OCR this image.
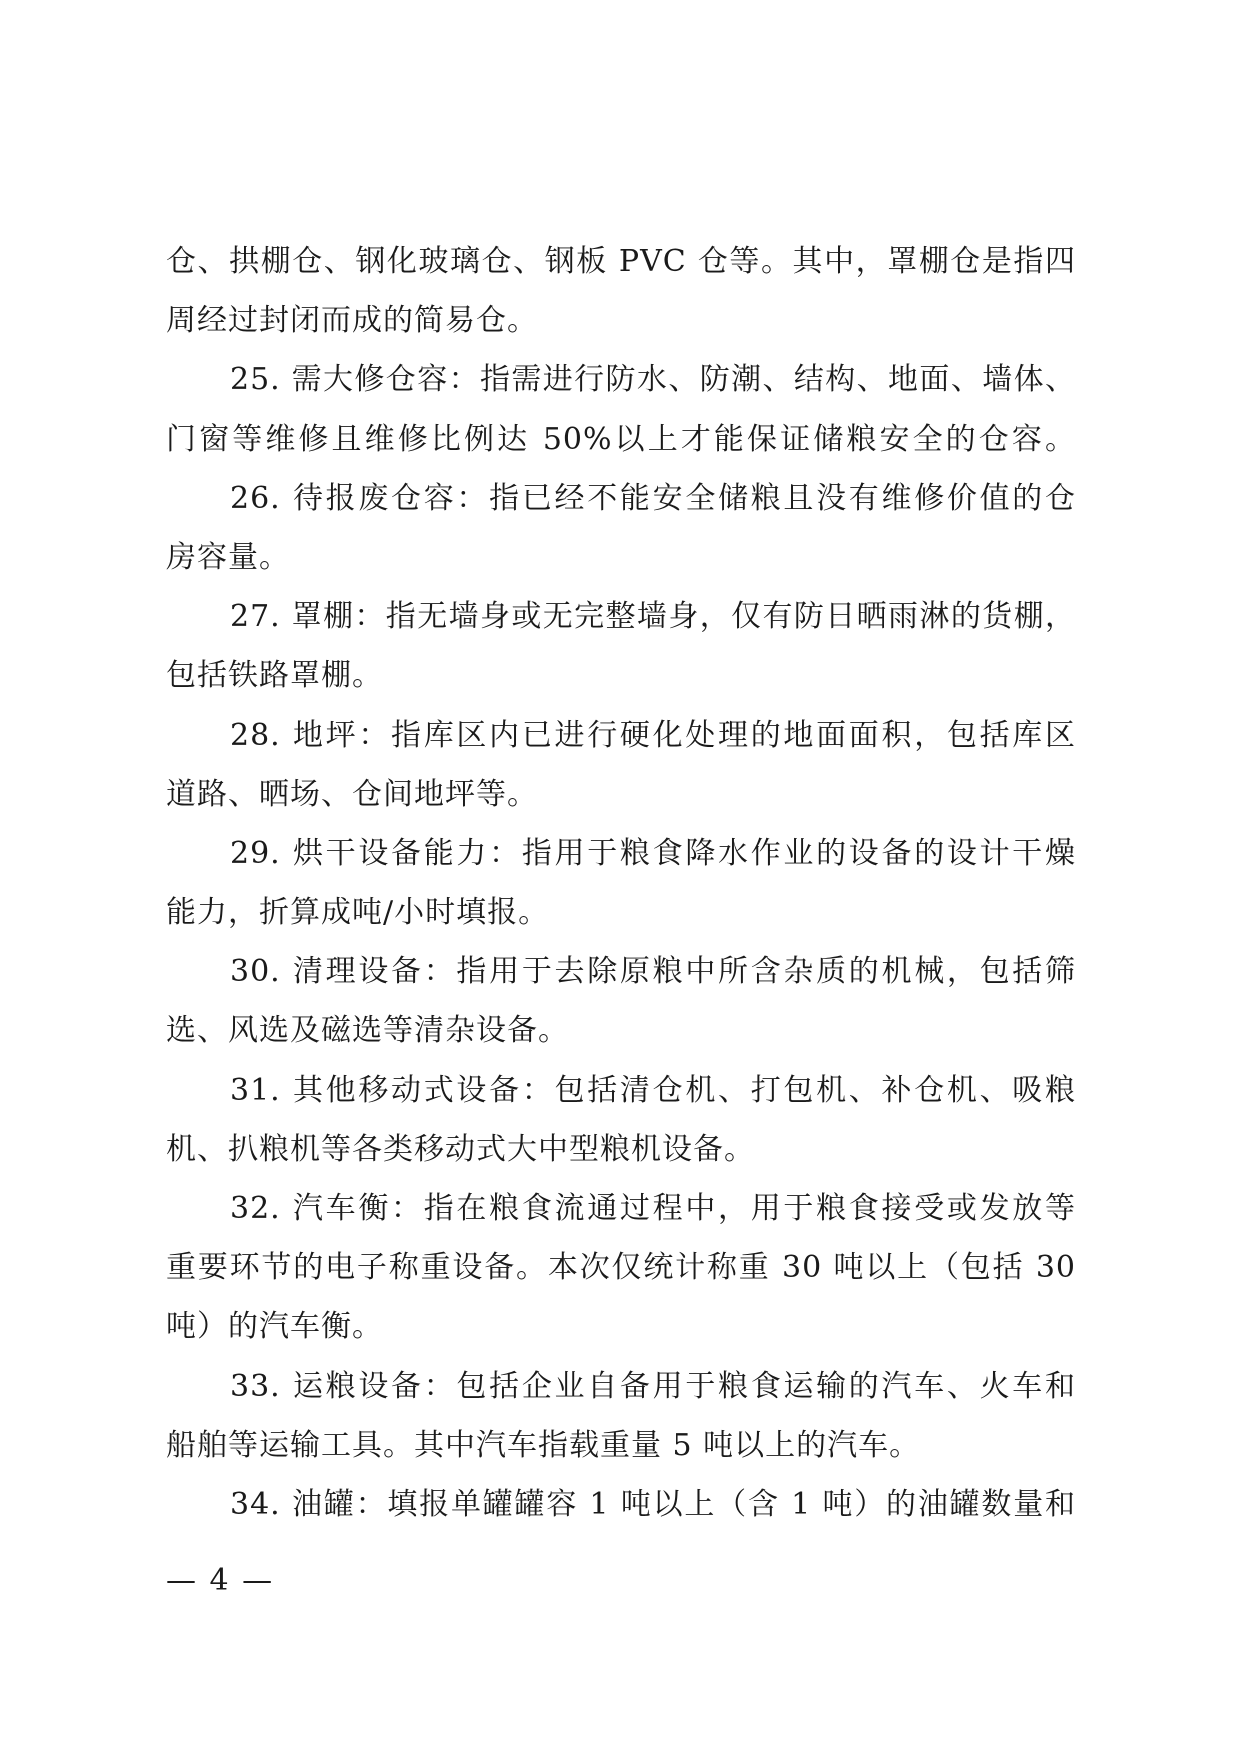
仓、拱棚仓、钢化玻璃仓、钢板 PVC 仓等。其中，罩棚仓是指四
周经过封闭而成的简易仓。
25. 需大修仓容：指需进行防水、防潮、结构、地面、墙体、
门窗等维修且维修比例达 50%以上才能保证储粮安全的仓容。
26. 待报废仓容：指已经不能安全储粮且没有维修价值的仓
房容量。
27. 罩棚：指无墙身或无完整墙身，仅有防日晒雨淋的货棚，
包括铁路罩棚。
28. 地坪：指库区内已进行硬化处理的地面面积，包括库区
道路、晒场、仓间地坪等。
29. 烘干设备能力：指用于粮食降水作业的设备的设计干燥
能力，折算成吨/小时填报。
30. 清理设备：指用于去除原粮中所含杂质的机械，包括筛
选、风选及磁选等清杂设备。
31. 其他移动式设备：包括清仓机、打包机、补仓机、吸粮
机、扒粮机等各类移动式大中型粮机设备。
32. 汽车衡：指在粮食流通过程中，用于粮食接受或发放等
重要环节的电子称重设备。本次仅统计称重 30 吨以上（包括 30
吨）的汽车衡。
33. 运粮设备：包括企业自备用于粮食运输的汽车、火车和
船舶等运输工具。其中汽车指载重量 5 吨以上的汽车。
34. 油罐：填报单罐罐容 1 吨以上（含 1 吨）的油罐数量和
— 4 —
